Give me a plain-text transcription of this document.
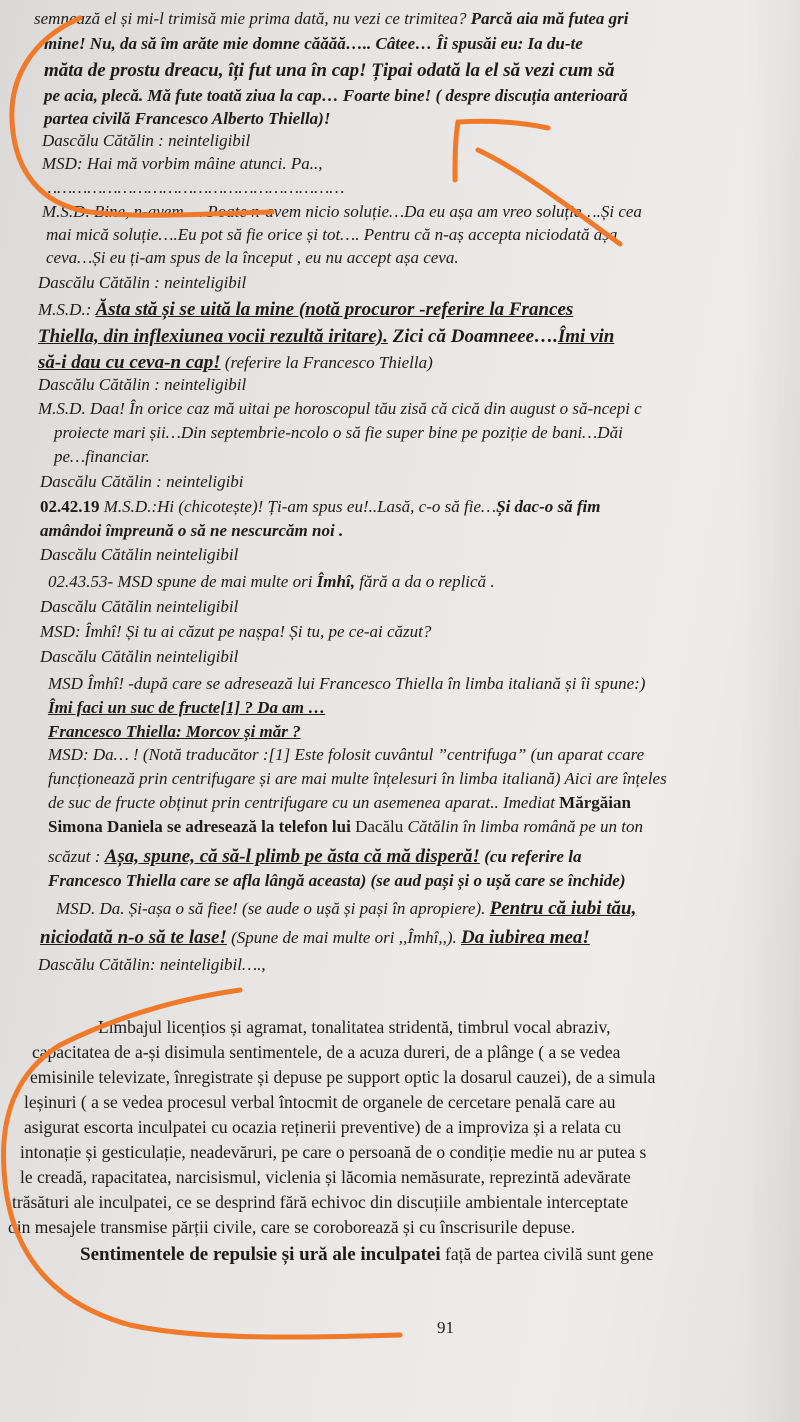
semnează el și mi-l trimisă mie prima dată, nu vezi ce trimitea? Parcă aia mă futea gri
mine! Nu, da să îm arăte mie domne căăăă….. Câtee… Îi spusăi eu: Ia du-te
măta de prostu dreacu, îți fut una în cap! Țipai odată la el să vezi cum să
pe acia, plecă. Mă fute toată ziua la cap… Foarte bine! ( despre discuția anterioară
partea civilă Francesco Alberto Thiella)!
Dascălu Cătălin : neinteligibil
MSD: Hai mă vorbim mâine atunci. Pa..,
……………………………………………………
M.S.D. Bine, n-avem…. Poate n-avem nicio soluție…Da eu așa am vreo soluție….Și cea
mai mică soluție….Eu pot să fie orice și tot…. Pentru că n-aș accepta niciodată așa
ceva…Și eu ți-am spus de la început , eu nu accept așa ceva.
Dascălu Cătălin : neinteligibil
M.S.D.: Ăsta stă și se uită la mine (notă procuror -referire la Frances
Thiella, din inflexiunea vocii rezultă iritare). Zici că Doamneee….Îmi vin
să-i dau cu ceva-n cap! (referire la Francesco Thiella)
Dascălu Cătălin : neinteligibil
M.S.D. Daa! În orice caz mă uitai pe horoscopul tău zisă că cică din august o să-ncepi c
proiecte mari șii…Din septembrie-ncolo o să fie super bine pe poziție de bani…Dăi
pe…financiar.
Dascălu Cătălin : neinteligibi
02.42.19 M.S.D.:Hi (chicotește)! Ți-am spus eu!..Lasă, c-o să fie…Și dac-o să fim
amândoi împreună o să ne nescurcăm noi .
Dascălu Cătălin neinteligibil
02.43.53- MSD spune de mai multe ori Îmhî, fără a da o replică .
Dascălu Cătălin neinteligibil
MSD: Îmhî! Și tu ai căzut pe nașpa! Și tu, pe ce-ai căzut?
Dascălu Cătălin neinteligibil
MSD Îmhî! -după care se adresează lui Francesco Thiella în limba italiană și îi spune:)
Îmi faci un suc de fructe[1] ? Da am …
Francesco Thiella: Morcov și măr ?
MSD: Da… ! (Notă traducător :[1] Este folosit cuvântul ”centrifuga” (un aparat ccare
funcționează prin centrifugare și are mai multe înțelesuri în limba italiană) Aici are înțeles
de suc de fructe obținut prin centrifugare cu un asemenea aparat.. Imediat Mărgăian
Simona Daniela se adresează la telefon lui Dacălu Cătălin în limba română pe un ton
scăzut : Așa, spune, că să-l plimb pe ăsta că mă disperă! (cu referire la
Francesco Thiella care se afla lângă aceasta) (se aud pași și o ușă care se închide)
MSD. Da. Și-așa o să fiee! (se aude o ușă și pași în apropiere). Pentru că iubi tău,
niciodată n-o să te lase! (Spune de mai multe ori ,,Îmhî,,). Da iubirea mea!
Dascălu Cătălin: neinteligibil….,
Limbajul licențios și agramat, tonalitatea stridentă, timbrul vocal abraziv,
capacitatea de a-și disimula sentimentele, de a acuza dureri, de a plânge ( a se vedea
emisinile televizate, înregistrate și depuse pe support optic la dosarul cauzei), de a simula
leșinuri ( a se vedea procesul verbal întocmit de organele de cercetare penală care au
asigurat escorta inculpatei cu ocazia reținerii preventive) de a improviza și a relata cu
intonație și gesticulație, neadevăruri, pe care o persoană de o condiție medie nu ar putea s
le creadă, rapacitatea, narcisismul, viclenia și lăcomia nemăsurate, reprezintă adevărate
trăsături ale inculpatei, ce se desprind fără echivoc din discuțiile ambientale interceptate
din mesajele transmise părții civile, care se coroborează și cu înscrisurile depuse.
Sentimentele de repulsie și ură ale inculpatei față de partea civilă sunt gene
91
